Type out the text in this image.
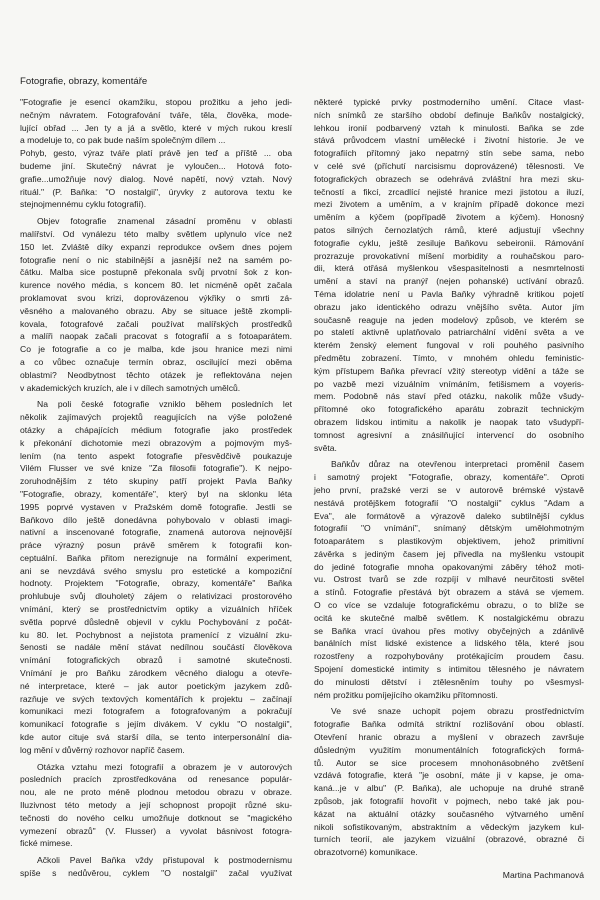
Fotografie, obrazy, komentáře
"Fotografie je esencí okamžiku, stopou prožitku a jeho jedi-
nečným návratem. Fotografování tváře, těla, člověka, mode-
lující obřad ... Jen ty a já a světlo, které v mých rukou kreslí
a modeluje to, co pak bude naším společným dílem ...
Pohyb, gesto, výraz tváře platí právě jen teď a příště ... oba
budeme jiní. Skutečný návrat je vyloučen... Hotová foto-
grafie...umožňuje nový dialog. Nové napětí, nový vztah. Nový
rituál." (P. Baňka: "O nostalgii", úryvky z autorova textu ke
stejnojmennému cyklu fotografií).
Objev fotografie znamenal zásadní proměnu v oblasti
malířství. Od vynálezu této malby světlem uplynulo více než
150 let. Zvláště díky expanzi reprodukce ovšem dnes pojem
fotografie není o nic stabilnější a jasnější než na samém po-
čátku. Malba sice postupně překonala svůj prvotní šok z kon-
kurence nového média, s koncem 80. let nicméně opět začala
proklamovat svou krizi, doprovázenou výkřiky o smrti zá-
věsného a malovaného obrazu. Aby se situace ještě zkompli-
kovala, fotografové začali používat malířských prostředků
a malíři naopak začali pracovat s fotografií a s fotoaparátem.
Co je fotografie a co je malba, kde jsou hranice mezi nimi
a co vůbec označuje termín obraz, oscilující mezi oběma
oblastmi? Neodbytnost těchto otázek je reflektována nejen
v akademických kruzích, ale i v dílech samotných umělců.
Na poli české fotografie vzniklo během posledních let
několik zajímavých projektů reagujících na výše položené
otázky a chápajících médium fotografie jako prostředek
k překonání dichotomie mezi obrazovým a pojmovým myš-
lením (na tento aspekt fotografie přesvědčivě poukazuje
Vilém Flusser ve své knize "Za filosofii fotografie"). K nejpo-
zoruhodnějším z této skupiny patří projekt Pavla Baňky
"Fotografie, obrazy, komentáře", který byl na sklonku léta
1995 poprvé vystaven v Pražském domě fotografie. Jestli se
Baňkovo dílo ještě donedávna pohybovalo v oblasti imagi-
nativní a inscenované fotografie, znamená autorova nejnovější
práce výrazný posun právě směrem k fotografii kon-
ceptuální. Baňka přitom nerezignuje na formální experiment,
ani se nevzdává svého smyslu pro estetické a kompoziční
hodnoty. Projektem "Fotografie, obrazy, komentáře" Baňka
prohlubuje svůj dlouholetý zájem o relativizaci prostorového
vnímání, který se prostřednictvím optiky a vizuálních hříček
světla poprvé důsledně objevil v cyklu Pochybování z počát-
ku 80. let. Pochybnost a nejistota pramenící z vizuální zku-
šenosti se nadále mění stávat nedílnou součástí člověkova
vnímání fotografických obrazů i samotné skutečnosti.
Vnímání je pro Baňku zárodkem věcného dialogu a otevře-
né interpretace, které – jak autor poetickým jazykem zdů-
razňuje ve svých textových komentářích k projektu – začínají
komunikaci mezi fotografem a fotografovaným a pokračují
komunikací fotografie s jejím divákem. V cyklu "O nostalgii",
kde autor cituje svá starší díla, se tento interpersonální dia-
log mění v důvěrný rozhovor napříč časem.
Otázka vztahu mezi fotografií a obrazem je v autorových
posledních pracích zprostředkována od renesance populár-
nou, ale ne proto méně plodnou metodou obrazu v obraze.
Iluzivnost této metody a její schopnost propojit různé sku-
tečnosti do nového celku umožňuje dotknout se "magického
vymezení obrazů" (V. Flusser) a vyvolat básnivost fotogra-
fické mimese.
Ačkoli Pavel Baňka vždy přistupoval k postmodernismu
spíše s nedůvěrou, cyklem "O nostalgii" začal využívat
některé typické prvky postmoderního umění. Citace vlast-
ních snímků ze staršího období definuje Baňkův nostalgický,
lehkou ironií podbarvený vztah k minulosti. Baňka se zde
stává průvodcem vlastní umělecké i životní historie. Je ve
fotografiích přítomný jako nepatrný stín sebe sama, nebo
v celé své (příchutí narcisismu doprovázené) tělesnosti. Ve
fotografických obrazech se odehrává zvláštní hra mezi sku-
tečností a fikcí, zrcadlící nejisté hranice mezi jistotou a iluzí,
mezi životem a uměním, a v krajním případě dokonce mezi
uměním a kýčem (popřípadě životem a kýčem). Honosný
patos silných černozlatých rámů, které adjustují všechny
fotografie cyklu, ještě zesiluje Baňkovu sebeironii. Rámování
prozrazuje provokativní míšení morbidity a rouhačskou paro-
dii, která otřásá myšlenkou všespasitelnosti a nesmrtelnosti
umění a staví na pranýř (nejen pohanské) uctívání obrazů.
Téma idolatrie není u Pavla Baňky výhradně kritikou pojetí
obrazu jako identického odrazu vnějšího světa. Autor jím
současně reaguje na jeden modelový způsob, ve kterém se
po staletí aktivně uplatňovalo patriarchální vidění světa a ve
kterém ženský element fungoval v roli pouhého pasivního
předmětu zobrazení. Tímto, v mnohém ohledu feministic-
kým přístupem Baňka převrací vžitý stereotyp vidění a táže se
po vazbě mezi vizuálním vnímáním, fetišismem a voyeris-
mem. Podobně nás staví před otázku, nakolik může všudy-
přítomné oko fotografického aparátu zobrazit technickým
obrazem lidskou intimitu a nakolik je naopak tato všudypří-
tomnost agresivní a znásilňující intervencí do osobního
světa.
Baňkův důraz na otevřenou interpretaci proměnil časem
i samotný projekt "Fotografie, obrazy, komentáře". Oproti
jeho první, pražské verzi se v autorově brémské výstavě
nestává protějškem fotografií "O nostalgii" cyklus "Adam a
Eva", ale formátově a výrazově daleko subtilnější cyklus
fotografií "O vnímání", snímaný dětským umělohmotným
fotoaparátem s plastikovým objektivem, jehož primitivní
závěrka s jediným časem jej přivedla na myšlenku vstoupit
do jediné fotografie mnoha opakovanými záběry téhož moti-
vu. Ostrost tvarů se zde rozpíjí v mlhavé neurčitosti světel
a stínů. Fotografie přestává být obrazem a stává se vjemem.
O co více se vzdaluje fotografickému obrazu, o to blíže se
ocitá ke skutečné malbě světlem. K nostalgickému obrazu
se Baňka vrací úvahou přes motivy obyčejných a zdánlivě
banálních míst lidské existence a lidského těla, které jsou
rozostřeny a rozpohybovány protékajícím proudem času.
Spojení domestické intimity s intimitou tělesného je návratem
do minulosti dětství i ztělesněním touhy po všesmysl-
ném prožitku pomíjejícího okamžiku přítomnosti.
Ve své snaze uchopit pojem obrazu prostřednictvím
fotografie Baňka odmítá striktní rozlišování obou oblastí.
Otevření hranic obrazu a myšlení v obrazech završuje
důsledným využitím monumentálních fotografických formá-
tů. Autor se sice procesem mnohonásobného zvětšení
vzdává fotografie, která "je osobní, máte ji v kapse, je oma-
kaná...je v albu" (P. Baňka), ale uchopuje na druhé straně
způsob, jak fotografií hovořit v pojmech, nebo také jak pou-
kázat na aktuální otázky současného výtvarného umění
nikoli sofistikovaným, abstraktním a vědeckým jazykem kul-
turních teorií, ale jazykem vizuální (obrazové, obrazné či
obrazotvorné) komunikace.
Martina Pachmanová
